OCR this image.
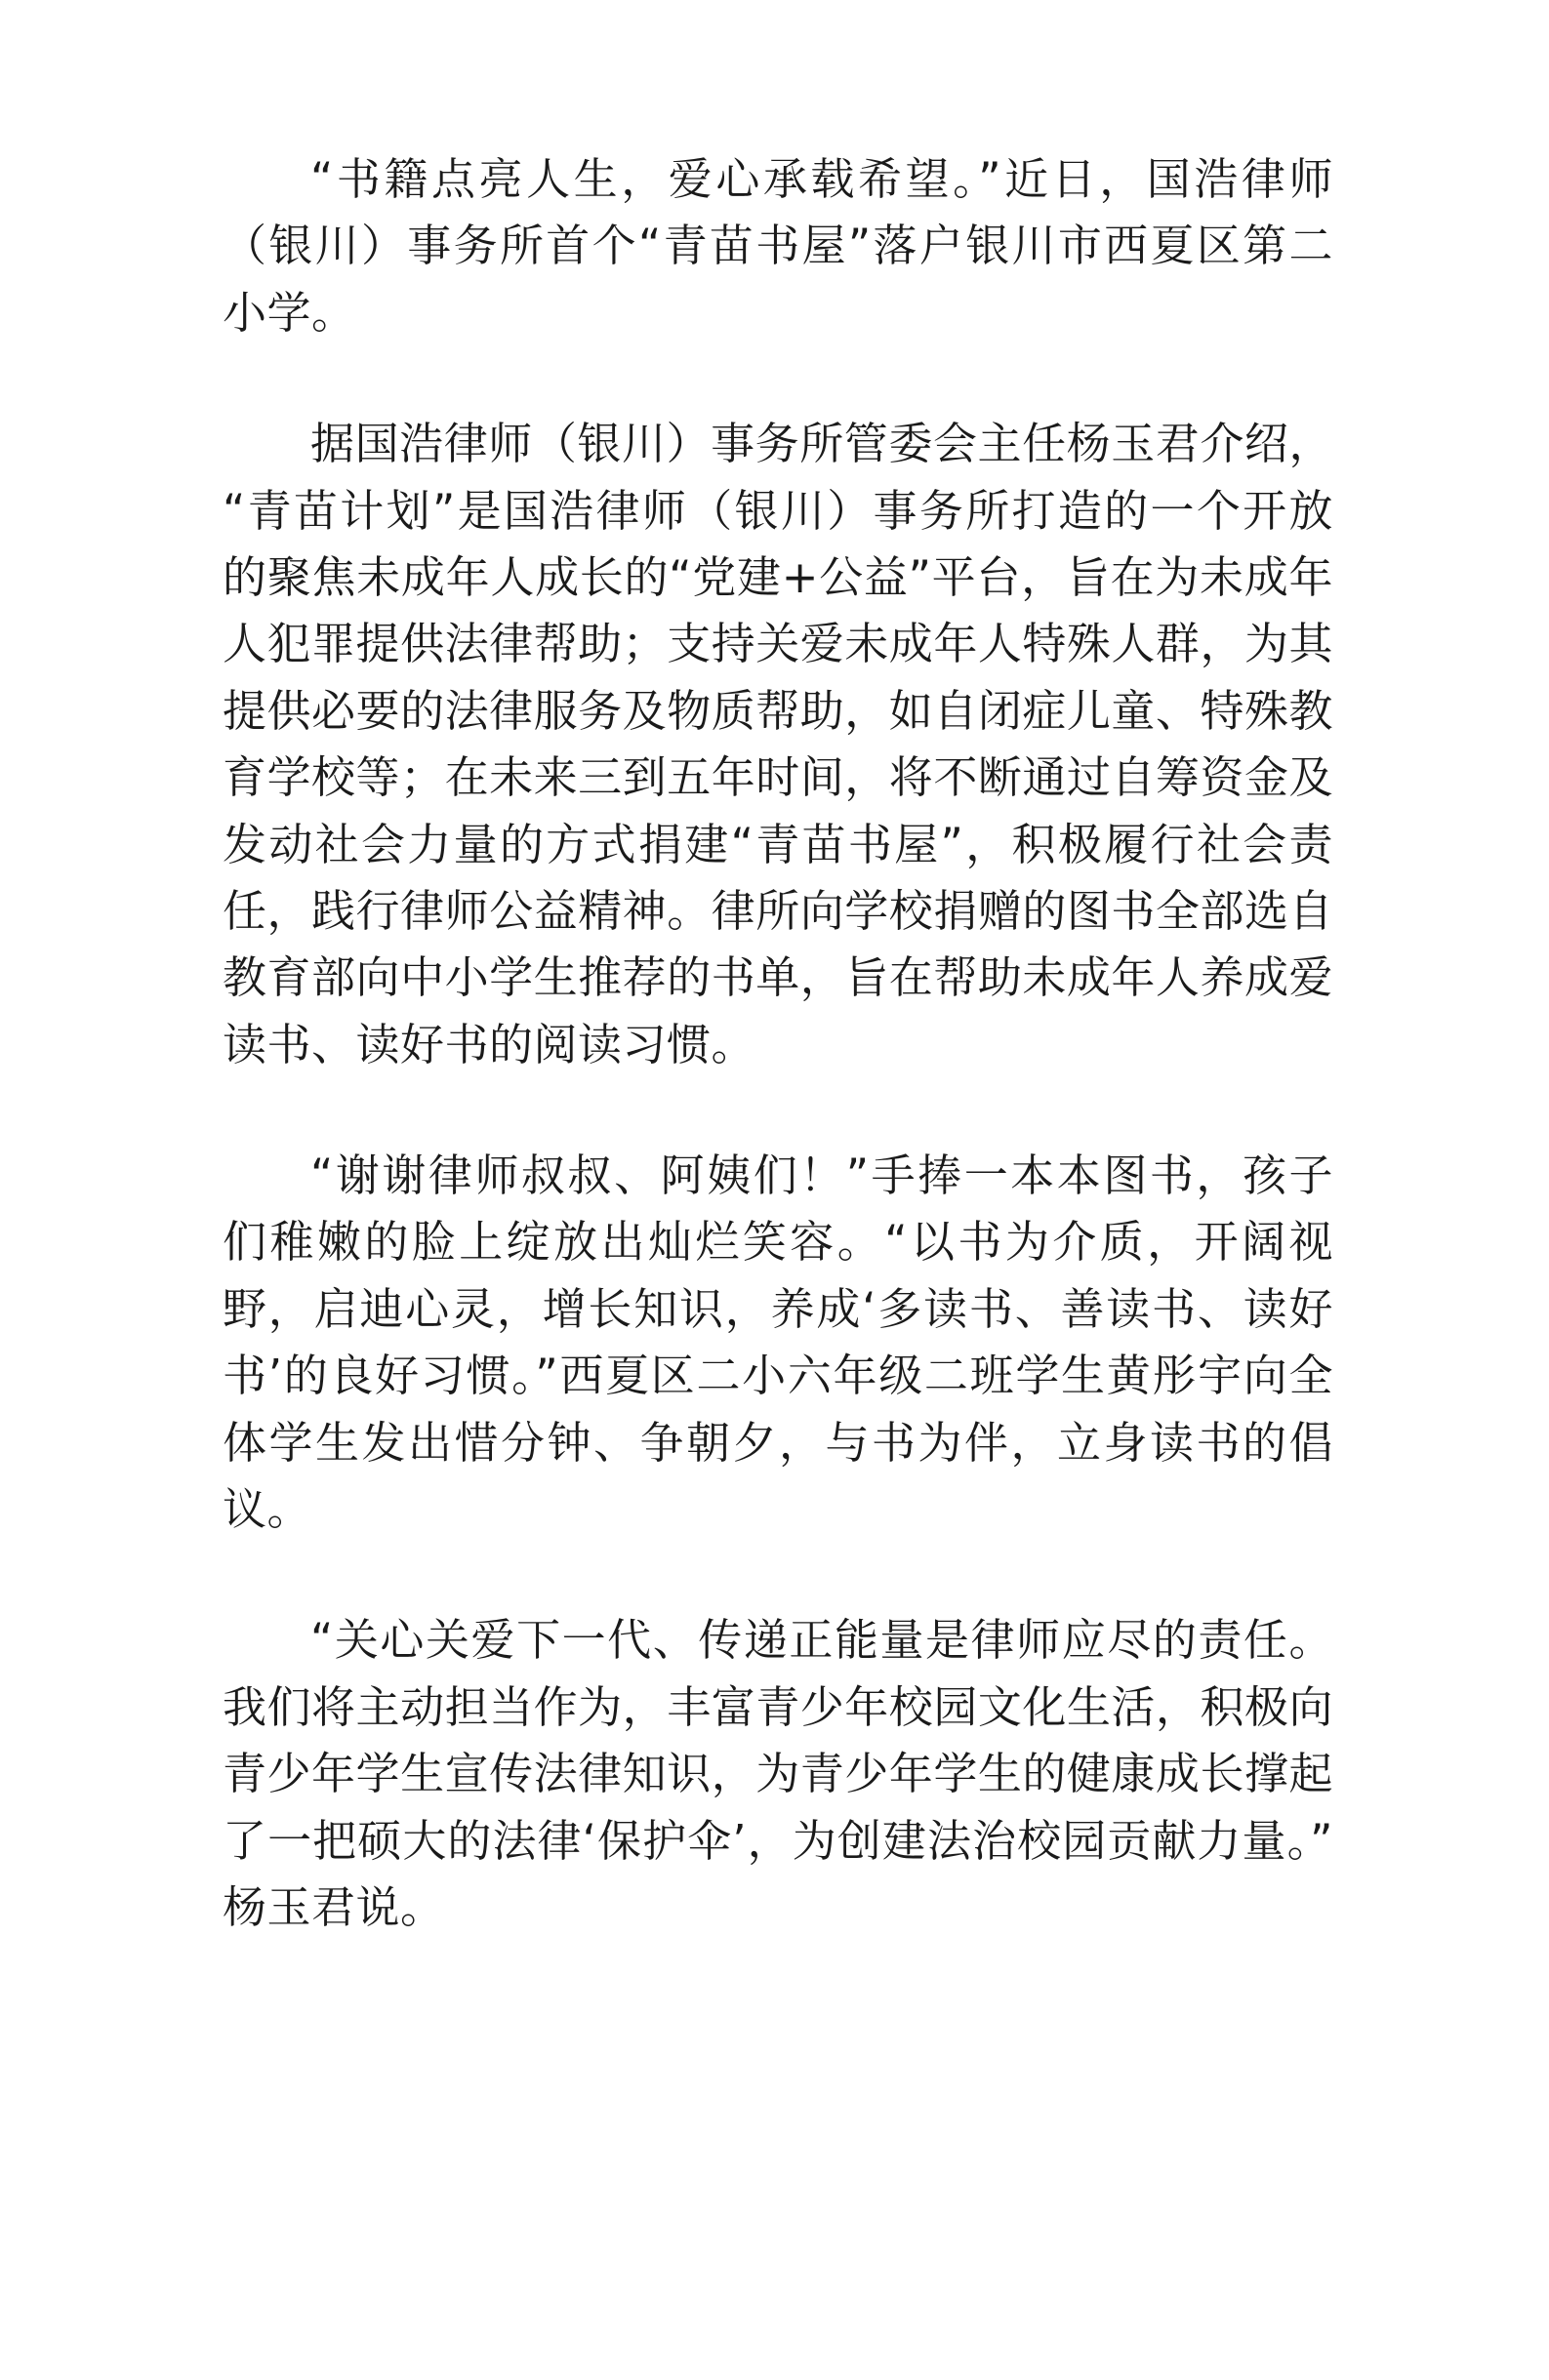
“书籍点亮人生，爱心承载希望。”近日，国浩律师（银川）事务所首个“青苗书屋”落户银川市西夏区第二小学。

据国浩律师（银川）事务所管委会主任杨玉君介绍，“青苗计划”是国浩律师（银川）事务所打造的一个开放的聚焦未成年人成长的“党建+公益”平台，旨在为未成年人犯罪提供法律帮助；支持关爱未成年人特殊人群，为其提供必要的法律服务及物质帮助，如自闭症儿童、特殊教育学校等；在未来三到五年时间，将不断通过自筹资金及发动社会力量的方式捐建“青苗书屋”，积极履行社会责任，践行律师公益精神。律所向学校捐赠的图书全部选自教育部向中小学生推荐的书单，旨在帮助未成年人养成爱读书、读好书的阅读习惯。

“谢谢律师叔叔、阿姨们！”手捧一本本图书，孩子们稚嫩的脸上绽放出灿烂笑容。“以书为介质，开阔视野，启迪心灵，增长知识，养成‘多读书、善读书、读好书’的良好习惯。”西夏区二小六年级二班学生黄彤宇向全体学生发出惜分钟、争朝夕，与书为伴，立身读书的倡议。

“关心关爱下一代、传递正能量是律师应尽的责任。我们将主动担当作为，丰富青少年校园文化生活，积极向青少年学生宣传法律知识，为青少年学生的健康成长撑起了一把硕大的法律‘保护伞’，为创建法治校园贡献力量。”杨玉君说。
